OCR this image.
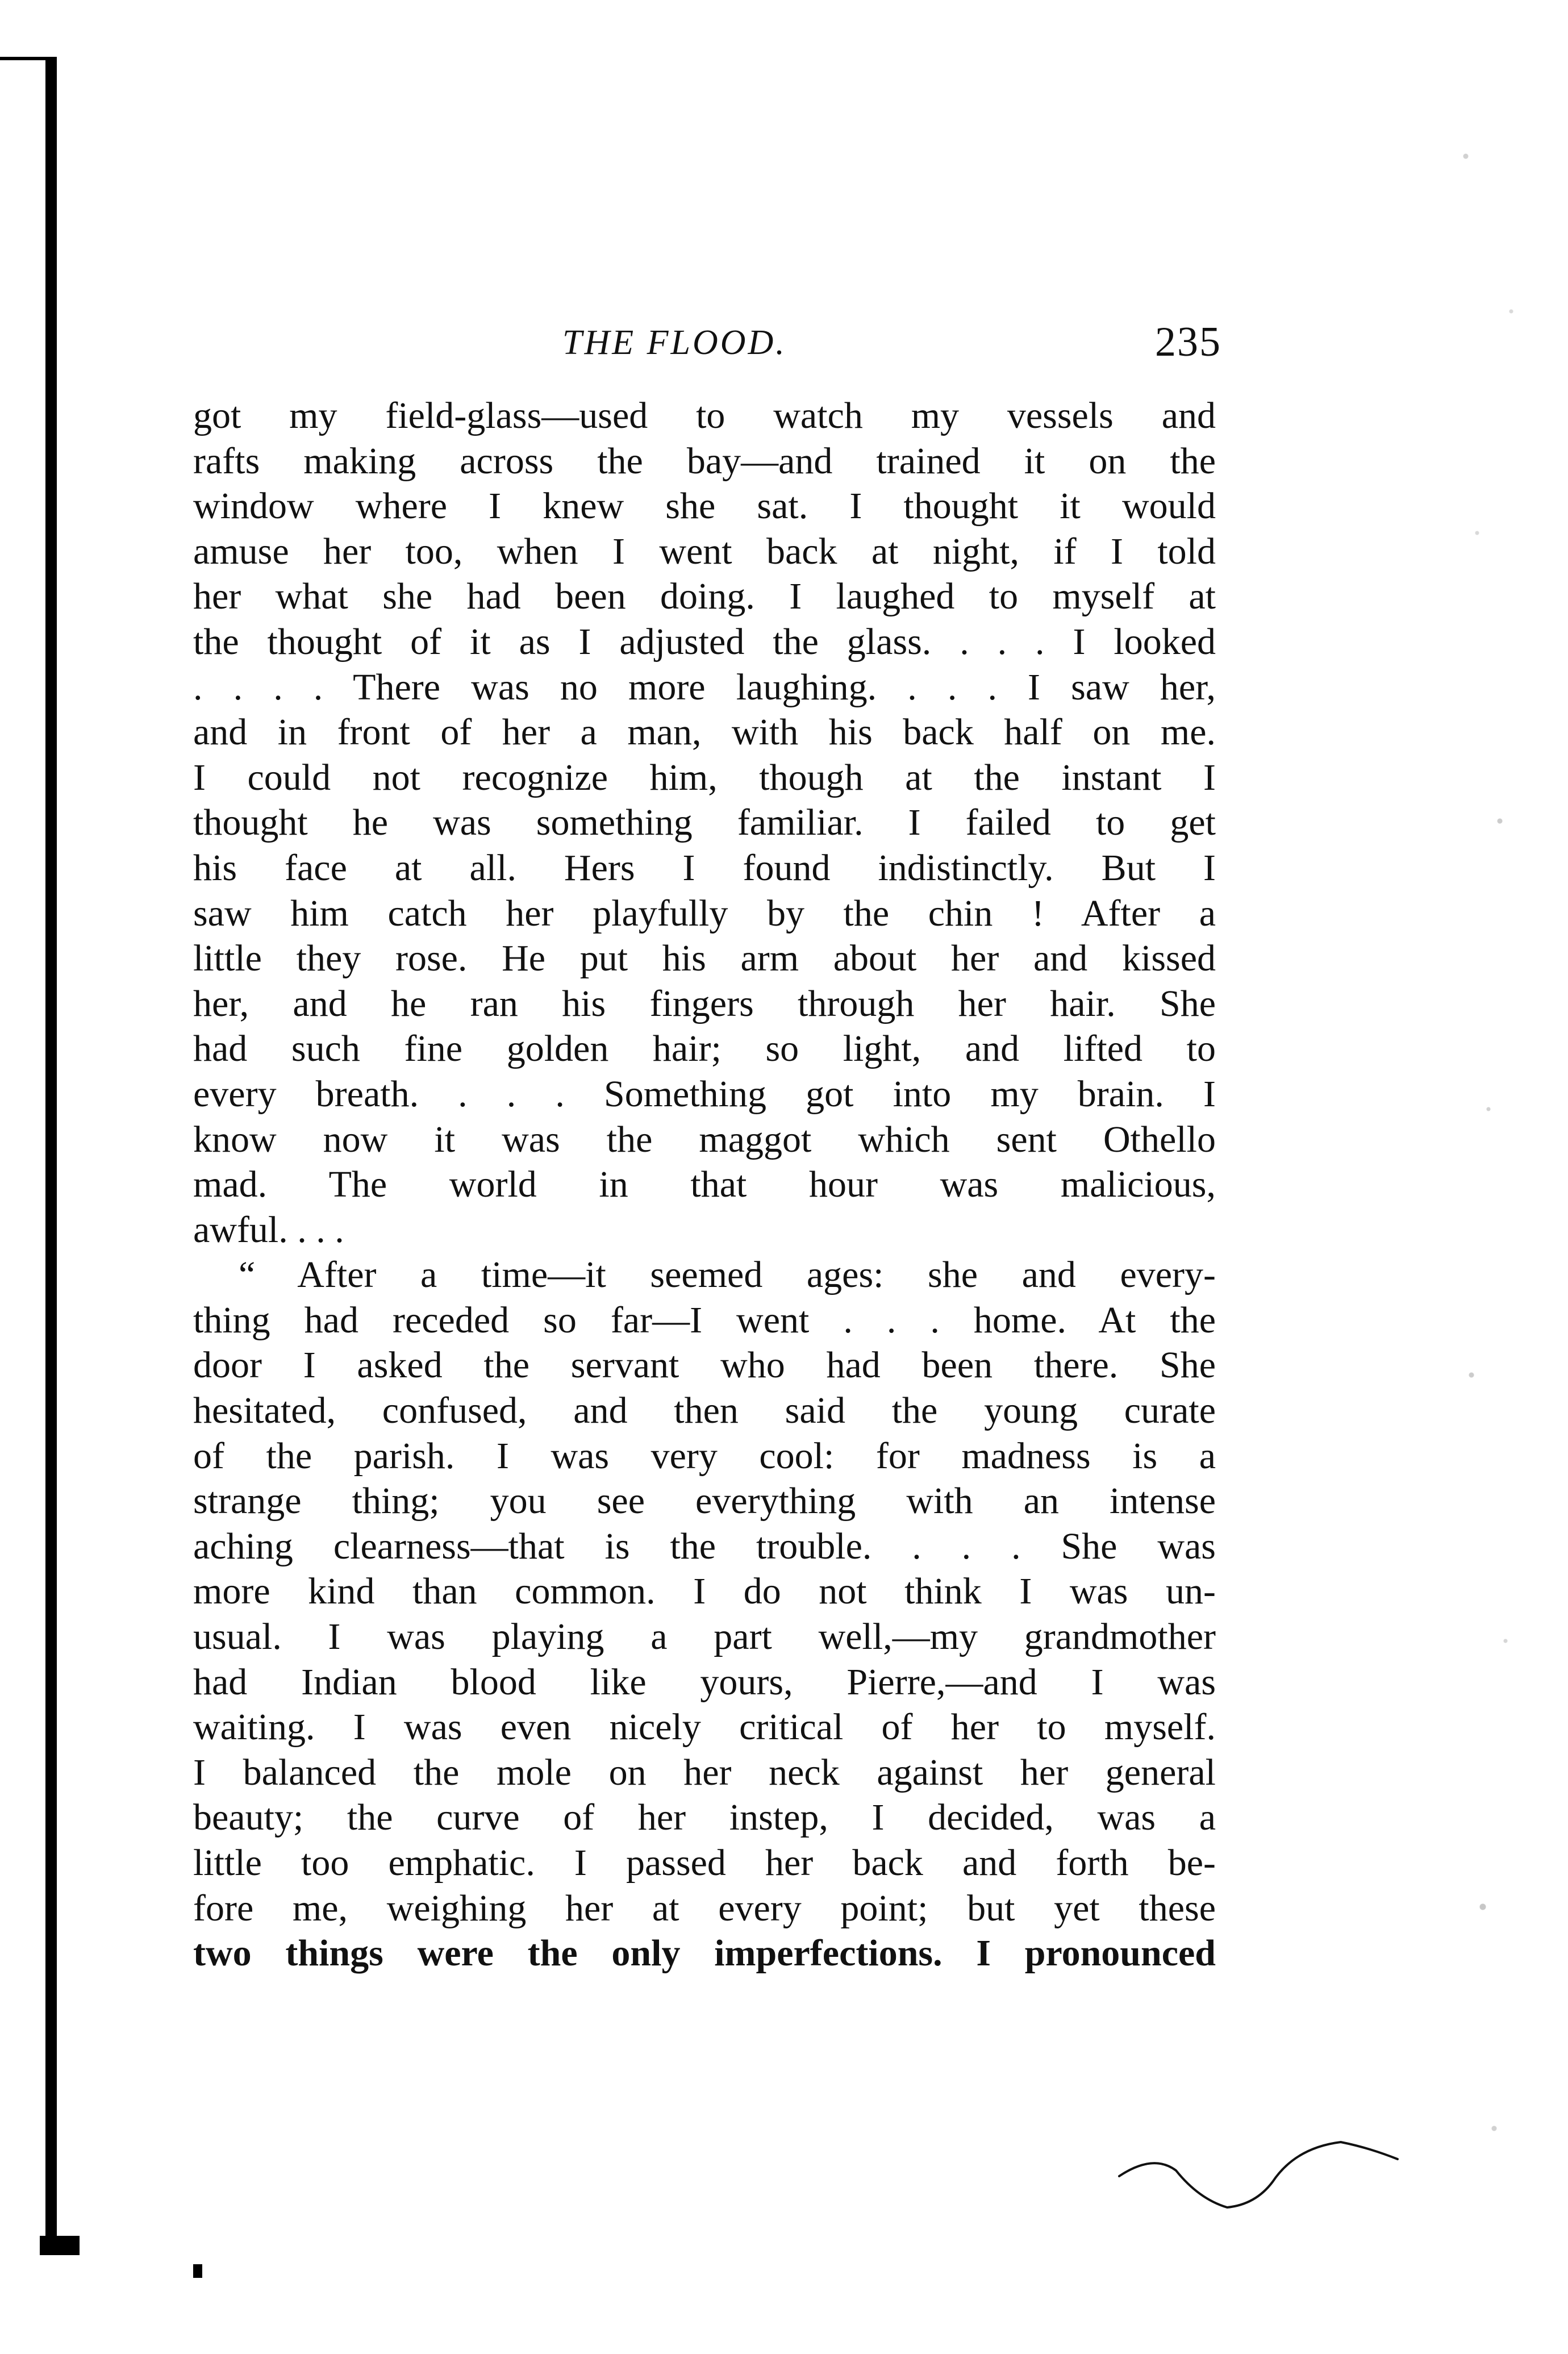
THE FLOOD.	235
got my field-glass—used to watch my vessels and
rafts making across the bay—and trained it on the
window where I knew she sat. I thought it would
amuse her too, when I went back at night, if I told
her what she had been doing. I laughed to myself at
the thought of it as I adjusted the glass. . . . I looked
. . . . There was no more laughing. . . . I saw her,
and in front of her a man, with his back half on me.
I could not recognize him, though at the instant I
thought he was something familiar. I failed to get
his face at all. Hers I found indistinctly. But I
saw him catch her playfully by the chin ! After a
little they rose. He put his arm about her and kissed
her, and he ran his fingers through her hair. She
had such fine golden hair; so light, and lifted to
every breath. . . . Something got into my brain. I
know now it was the maggot which sent Othello
mad. The world in that hour was malicious,
awful. . . .
“ After a time—it seemed ages: she and every-
thing had receded so far—I went . . . home. At the
door I asked the servant who had been there. She
hesitated, confused, and then said the young curate
of the parish. I was very cool: for madness is a
strange thing; you see everything with an intense
aching clearness—that is the trouble. . . . She was
more kind than common. I do not think I was un-
usual. I was playing a part well,—my grandmother
had Indian blood like yours, Pierre,—and I was
waiting. I was even nicely critical of her to myself.
I balanced the mole on her neck against her general
beauty; the curve of her instep, I decided, was a
little too emphatic. I passed her back and forth be-
fore me, weighing her at every point; but yet these
two things were the only imperfections. I pronounced
